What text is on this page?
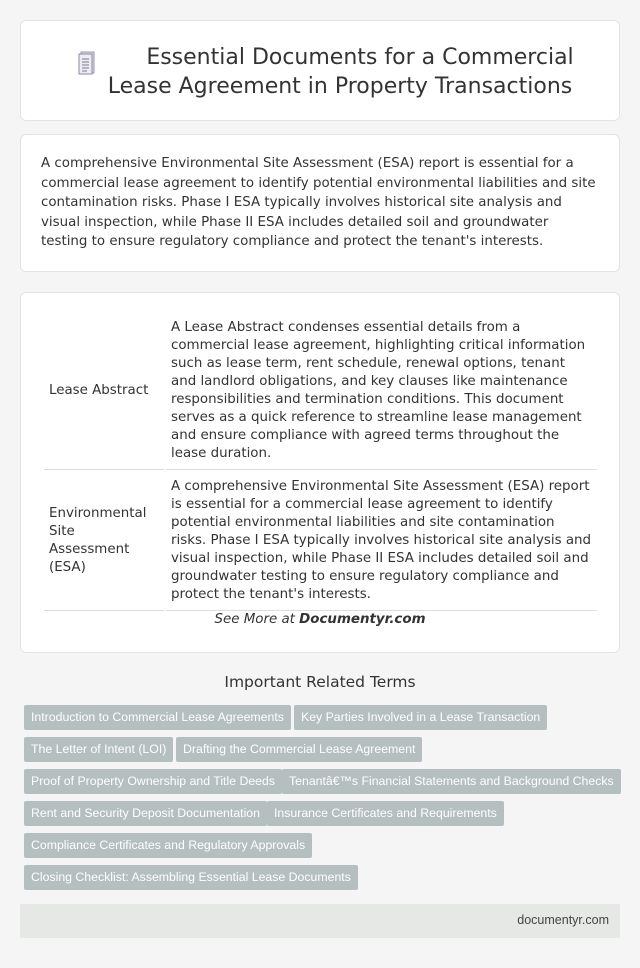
Essential Documents for a Commercial Lease Agreement in Property Transactions

A comprehensive Environmental Site Assessment (ESA) report is essential for a commercial lease agreement to identify potential environmental liabilities and site contamination risks. Phase I ESA typically involves historical site analysis and visual inspection, while Phase II ESA includes detailed soil and groundwater testing to ensure regulatory compliance and protect the tenant's interests.

Lease Abstract	A Lease Abstract condenses essential details from a commercial lease agreement, highlighting critical information such as lease term, rent schedule, renewal options, tenant and landlord obligations, and key clauses like maintenance responsibilities and termination conditions. This document serves as a quick reference to streamline lease management and ensure compliance with agreed terms throughout the lease duration.
Environmental Site Assessment (ESA)	A comprehensive Environmental Site Assessment (ESA) report is essential for a commercial lease agreement to identify potential environmental liabilities and site contamination risks. Phase I ESA typically involves historical site analysis and visual inspection, while Phase II ESA includes detailed soil and groundwater testing to ensure regulatory compliance and protect the tenant's interests.
See More at Documentyr.com
Important Related Terms
Introduction to Commercial Lease Agreements	Key Parties Involved in a Lease Transaction
The Letter of Intent (LOI)	Drafting the Commercial Lease Agreement
Proof of Property Ownership and Title Deeds	Tenantâ€™s Financial Statements and Background Checks
Rent and Security Deposit Documentation	Insurance Certificates and Requirements
Compliance Certificates and Regulatory Approvals
Closing Checklist: Assembling Essential Lease Documents
documentyr.com
